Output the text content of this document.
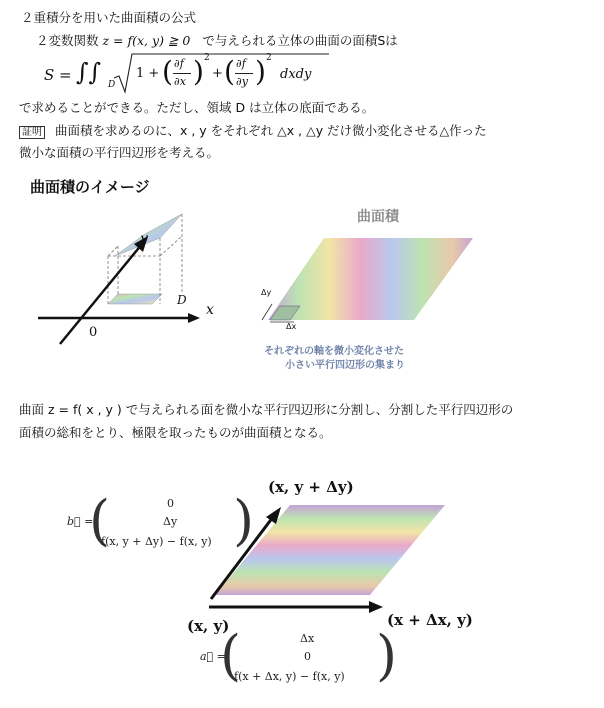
２重積分を用いた曲面積の公式
２変数関数 z = f(x, y) ≧ 0 で与えられる立体の曲面の面積Sは
S = ∫∫ D
1 + ( ∂f
∂x ) 2
+ ( ∂f
∂y ) 2
dxdy
で求めることができる。ただし、領域 D は立体の底面である。
証明 曲面積を求めるのに、x , y をそれぞれ △x , △y だけ微小変化させる△作った
微小な面積の平行四辺形を考える。
曲面積のイメージ
y
D
x
0
曲面積
Δy
Δx
それぞれの軸を微小変化させた
小さい平行四辺形の集まり
曲面 z = f( x , y ) で与えられる面を微小な平行四辺形に分割し、分割した平行四辺形の
面積の総和をとり、極限を取ったものが曲面積となる。
(x, y + Δy)
(x, y)	(x + Δx, y)
b⃗ =
(	0
Δy
f(x, y + Δy) − f(x, y) )
a⃗ =
(	Δx
0
f(x + Δx, y) − f(x, y) )
